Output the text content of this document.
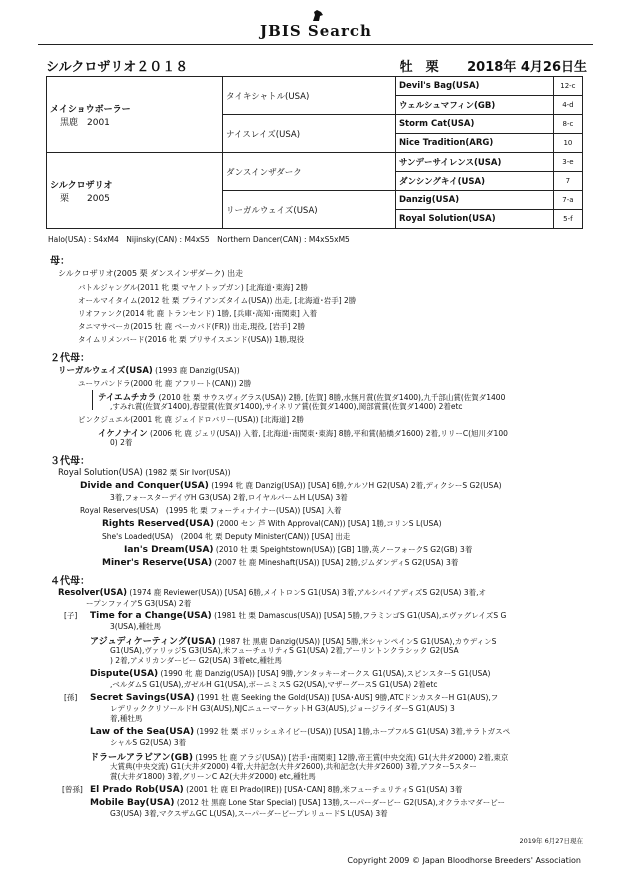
JBIS Search
シルクロザリオ２０１８	牡　栗 2018年 4月26日生
メイショウボーラー
黒鹿　2001	タイキシャトル(USA)	Devil's Bag(USA)	12-c
		ウェルシュマフィン(GB)	4-d
	ナイスレイズ(USA)	Storm Cat(USA)	8-c
		Nice Tradition(ARG)	10
シルクロザリオ
栗　　2005	ダンスインザダーク	サンデーサイレンス(USA)	3-e
		ダンシングキイ(USA)	7
	リーガルウェイズ(USA)	Danzig(USA)	7-a
		Royal Solution(USA)	5-f
Halo(USA) : S4xM4　Nijinsky(CAN) : M4xS5　Northern Dancer(CAN) : M4xS5xM5
母：
シルクロザリオ(2005 栗 ダンスインザダーク) 出走
バトルジャングル(2011 牝 栗 マヤノトップガン) [北海道･東海] 2勝
オールマイタイム(2012 牡 栗 ブライアンズタイム(USA)) 出走, [北海道･岩手] 2勝
リオファンク(2014 牝 鹿 トランセンド) 1勝, [兵庫･高知･南関東] 入着
タニマサベーカ(2015 牡 鹿 ベーカバド(FR)) 出走,現役, [岩手] 2勝
タイムリメンバード(2016 牝 栗 プリサイスエンド(USA)) 1勝,現役
２代母：
リーガルウェイズ(USA) (1993 鹿 Danzig(USA))
ユーワパンドラ(2000 牝 鹿 アフリート(CAN)) 2勝
テイエムチカラ (2010 牡 栗 サウスヴィグラス(USA)) 2勝, [佐賀] 8勝,水無月賞(佐賀ダ1400),九千部山賞(佐賀ダ1400
,すみれ賞(佐賀ダ1400),春望賞(佐賀ダ1400),サイネリア賞(佐賀ダ1400),岡部賞賞(佐賀ダ1400) 2着etc
ピンクジュエル(2001 牝 鹿 ジェイドロバリー(USA)) [北海道] 2勝
イケノナイン (2006 牝 鹿 ジェリ(USA)) 入着, [北海道･南関東･東海] 8勝,平和賞(船橋ダ1600) 2着,リリーC(旭川ダ100
0) 2着
３代母：
Royal Solution(USA) (1982 栗 Sir Ivor(USA))
Divide and Conquer(USA) (1994 牝 鹿 Danzig(USA)) [USA] 6勝,ケルソH G2(USA) 2着,ディクシーS G2(USA)
3着,フォースターデイヴH G3(USA) 2着,ロイヤルパームH L(USA) 3着
Royal Reserves(USA)　(1995 牝 栗 フォーティナイナー(USA)) [USA] 入着
Rights Reserved(USA) (2000 セン 芦 With Approval(CAN)) [USA] 1勝,コリンS L(USA)
She's Loaded(USA)　(2004 牝 栗 Deputy Minister(CAN)) [USA] 出走
Ian's Dream(USA) (2010 牡 栗 Speightstown(USA)) [GB] 1勝,英ノーフォークS G2(GB) 3着
Miner's Reserve(USA) (2007 牡 鹿 Mineshaft(USA)) [USA] 2勝,ジムダンディS G2(USA) 3着
４代母：
Resolver(USA) (1974 鹿 Reviewer(USA)) [USA] 6勝,メイトロンS G1(USA) 3着,アルシバイアディズS G2(USA) 3着,オ
ープンファイアS G3(USA) 2着
[子] Time for a Change(USA) (1981 牡 栗 Damascus(USA)) [USA] 5勝,フラミンゴS G1(USA),エヴァグレイズS G
3(USA),種牡馬
アジュディケーティング(USA) (1987 牡 黒鹿 Danzig(USA)) [USA] 5勝,米シャンペインS G1(USA),カウディンS
G1(USA),ヴァリッジS G3(USA),米フューチュリティS G1(USA) 2着,アーリントンクラシック G2(USA
) 2着,アメリカンダービー G2(USA) 3着etc,種牡馬
Dispute(USA) (1990 牝 鹿 Danzig(USA)) [USA] 9勝,ケンタッキーオークス G1(USA),スピンスターS G1(USA)
,ベルダムS G1(USA),ガゼルH G1(USA),ボーニミスS G2(USA),マザーグースS G1(USA) 2着etc
[孫] Secret Savings(USA) (1991 牡 鹿 Seeking the Gold(USA)) [USA･AUS] 9勝,ATCドンカスターH G1(AUS),フ
レデリッククリソールドH G3(AUS),NJCニューマーケットH G3(AUS),ジョージライダーS G1(AUS) 3
着,種牡馬
Law of the Sea(USA) (1992 牡 栗 ボリッシュネイビー(USA)) [USA] 1勝,ホープフルS G1(USA) 3着,サラトガスペ
シャルS G2(USA) 3着
ドラールアラビアン(GB) (1995 牡 鹿 アラジ(USA)) [岩手･南関東] 12勝,帝王賞(中央交流) G1(大井ダ2000) 2着,東京
大賞典(中央交流) G1(大井ダ2000) 4着,大井記念(大井ダ2600),共和記念(大井ダ2600) 3着,アフター5スター
賞(大井ダ1800) 3着,グリーンC A2(大井ダ2000) etc,種牡馬
[曾孫] El Prado Rob(USA) (2001 牡 鹿 El Prado(IRE)) [USA･CAN] 8勝,米フューチュリティS G1(USA) 3着
Mobile Bay(USA) (2012 牡 黒鹿 Lone Star Special) [USA] 13勝,スーパーダービー G2(USA),オクラホマダービー
G3(USA) 3着,マクスザムGC L(USA),スーパーダービープレリュードS L(USA) 3着
2019年 6月27日現在
Copyright 2009 © Japan Bloodhorse Breeders' Association
